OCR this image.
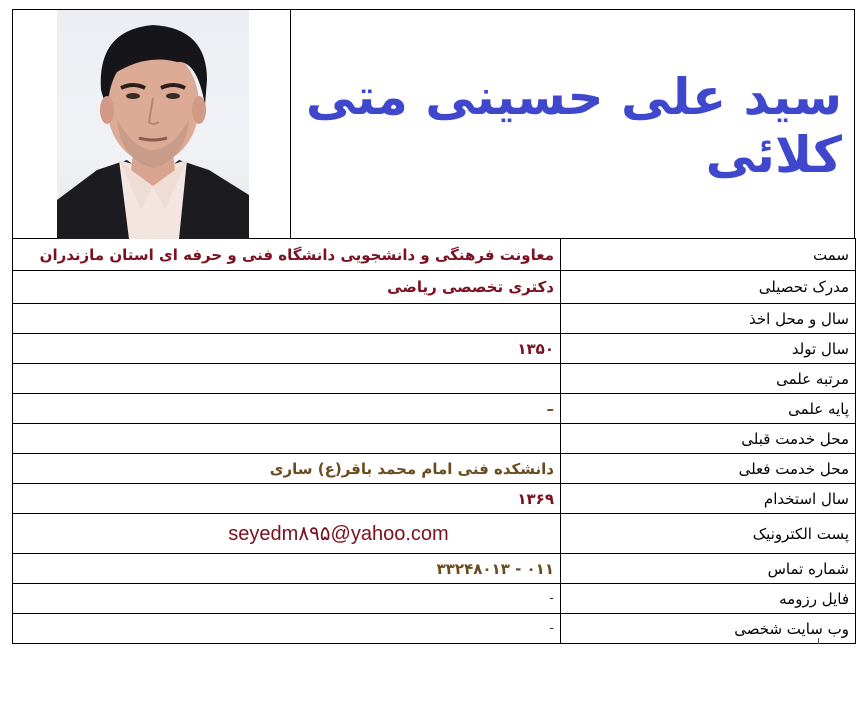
سید علی حسینی متی کلائی
معاونت فرهنگی و دانشجویی دانشگاه فنی و حرفه ای استان مازندران	سمت
دکتری تخصصی ریاضی	مدرک تحصیلی
	سال و محل اخذ
۱۳۵۰	سال تولد
	مرتبه علمی
–	پایه علمی
	محل خدمت قبلی
دانشکده فنی امام محمد باقر(ع) ساری	محل خدمت فعلی
۱۳۶۹	سال استخدام
seyedm۸۹۵@yahoo.com	پست الکترونیک
۰۱۱ - ۳۳۲۴۸۰۱۳	شماره تماس
-	فایل رزومه
-	وب سایت شخصی
